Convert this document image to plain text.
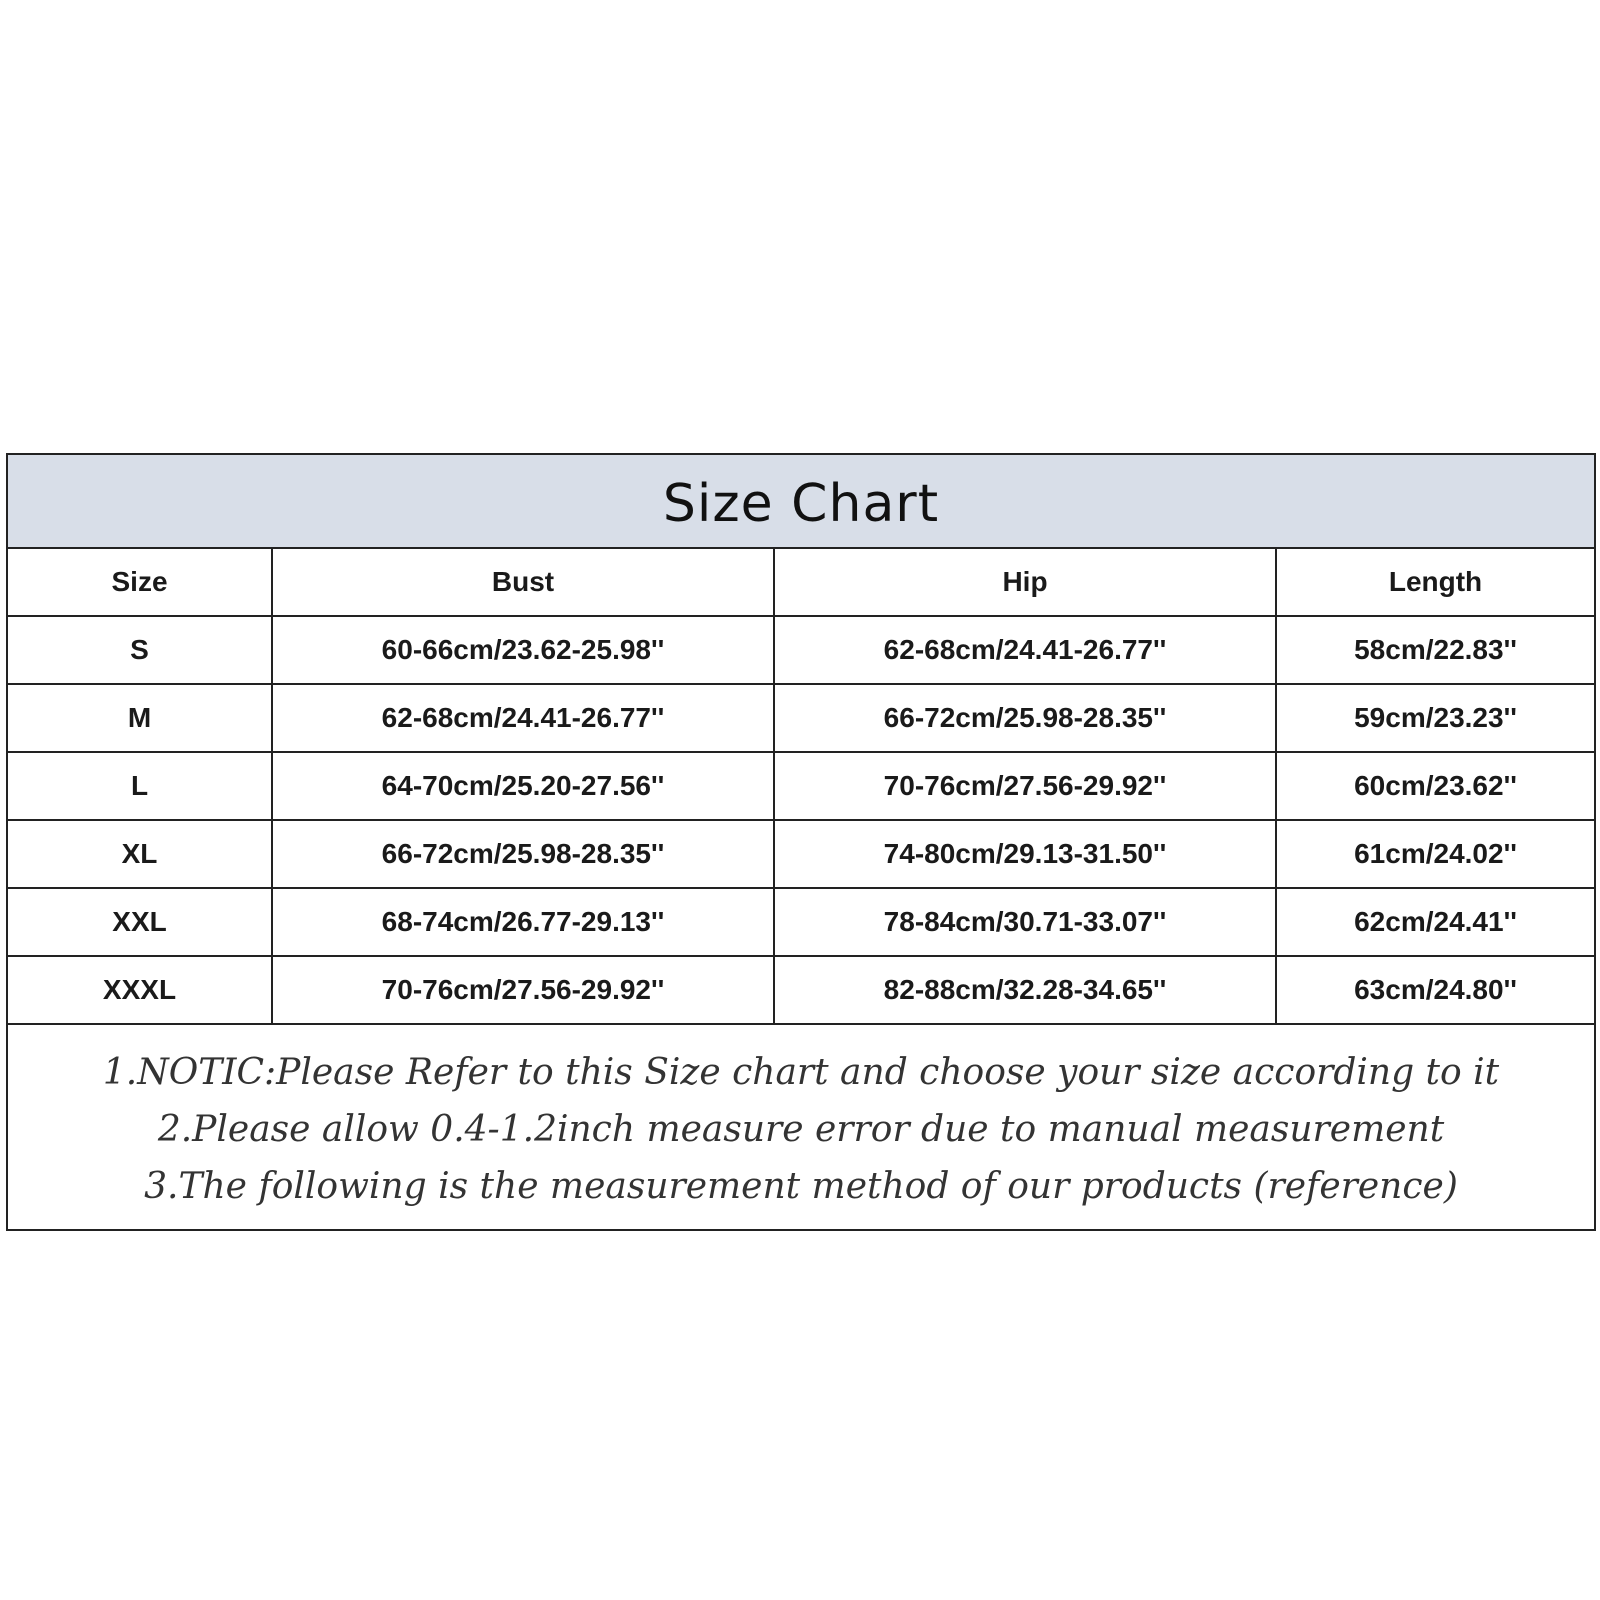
Size Chart
Size	Bust	Hip	Length
S	60-66cm/23.62-25.98''	62-68cm/24.41-26.77''	58cm/22.83''
M	62-68cm/24.41-26.77''	66-72cm/25.98-28.35''	59cm/23.23''
L	64-70cm/25.20-27.56''	70-76cm/27.56-29.92''	60cm/23.62''
XL	66-72cm/25.98-28.35''	74-80cm/29.13-31.50''	61cm/24.02''
XXL	68-74cm/26.77-29.13''	78-84cm/30.71-33.07''	62cm/24.41''
XXXL	70-76cm/27.56-29.92''	82-88cm/32.28-34.65''	63cm/24.80''
1.NOTIC:Please Refer to this Size chart and choose your size according to it
2.Please allow 0.4-1.2inch measure error due to manual measurement
3.The following is the measurement method of our products (reference)
